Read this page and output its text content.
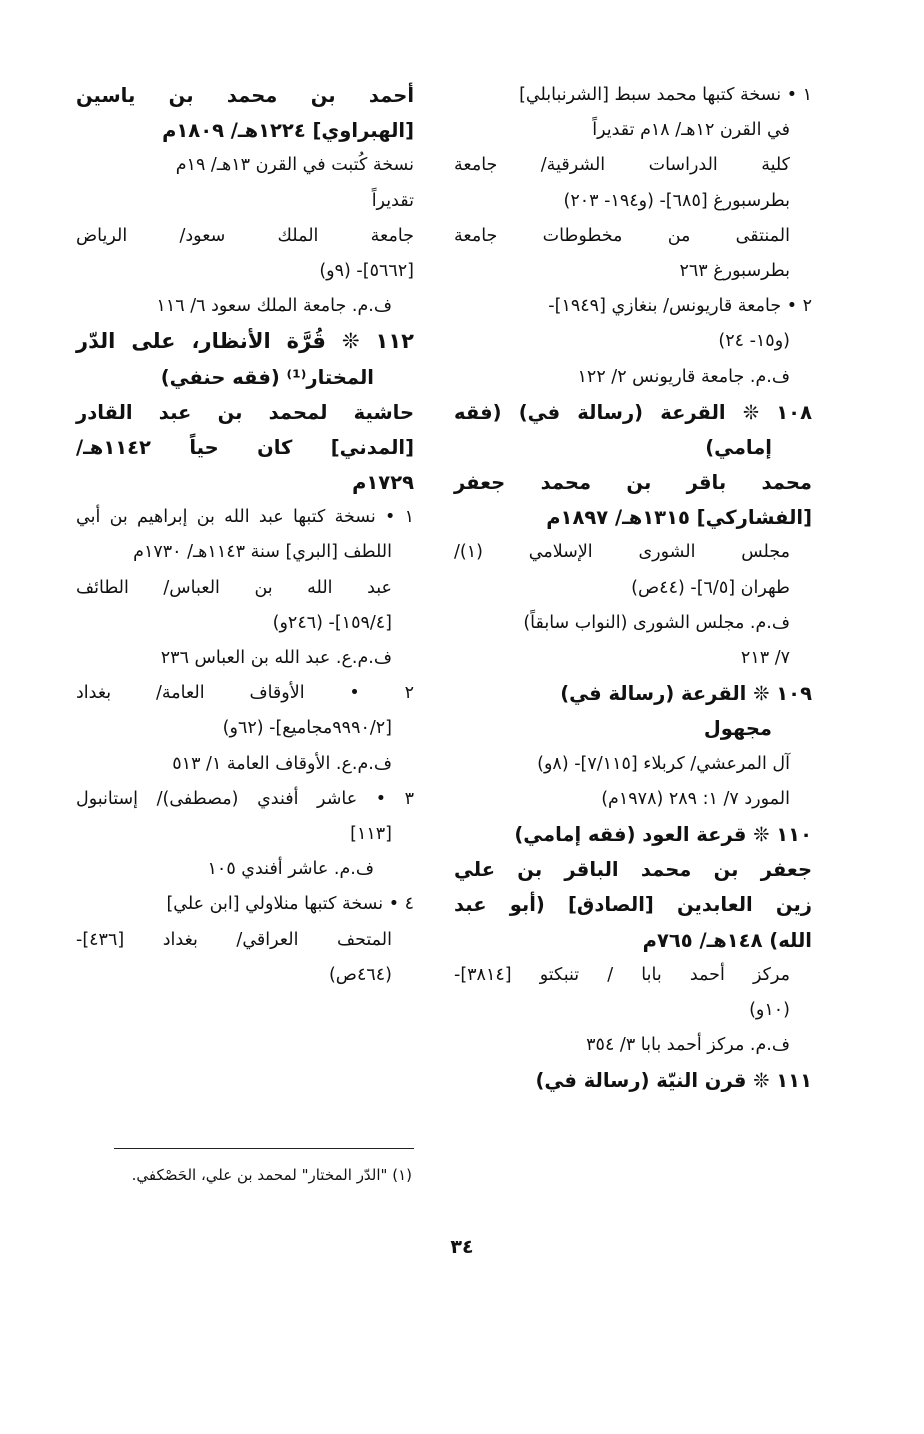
١ • نسخة كتبها محمد سبط [الشرنبابلي]
في القرن ١٢هـ/ ١٨م تقديراً
كلية الدراسات الشرقية/ جامعة
بطرسبورغ [٦٨٥]- (و١٩٤- ٢٠٣)
المنتقى من مخطوطات جامعة
بطرسبورغ ٢٦٣
٢ • جامعة قاريونس/ بنغازي [١٩٤٩]-
(و١٥- ٢٤)
ف.م. جامعة قاريونس ٢/ ١٢٢
١٠٨ ❊ القرعة (رسالة في) (فقه
إمامي)
محمد باقر بن محمد جعفر
[الفشاركي] ١٣١٥هـ/ ١٨٩٧م
مجلس الشورى الإسلامي (١)/
طهران [٦/٥]- (٤٤ص)
ف.م. مجلس الشورى (النواب سابقاً)
٧/ ٢١٣
١٠٩ ❊ القرعة (رسالة في)
مجهول
آل المرعشي/ كربلاء [٧/١١٥]- (٨و)
المورد ٧/ ١: ٢٨٩ (١٩٧٨م)
١١٠ ❊ قرعة العود (فقه إمامي)
جعفر بن محمد الباقر بن علي
زين العابدين [الصادق] (أبو عبد
الله) ١٤٨هـ/ ٧٦٥م
مركز أحمد بابا / تنبكتو [٣٨١٤]-
(١٠و)
ف.م. مركز أحمد بابا ٣/ ٣٥٤
١١١ ❊ قرن النيّة (رسالة في)
أحمد بن محمد بن ياسين
[الهبراوي] ١٢٢٤هـ/ ١٨٠٩م
نسخة كُتبت في القرن ١٣هـ/ ١٩م
تقديراً
جامعة الملك سعود/ الرياض
[٥٦٦٢]- (٩و)
ف.م. جامعة الملك سعود ٦/ ١١٦
١١٢ ❊ قُرَّة الأنظار، على الدّر
المختار⁽¹⁾ (فقه حنفي)
حاشية لمحمد بن عبد القادر
[المدني] كان حياً ١١٤٢هـ/
١٧٢٩م
١ • نسخة كتبها عبد الله بن إبراهيم بن أبي
اللطف [البري] سنة ١١٤٣هـ/ ١٧٣٠م
عبد الله بن العباس/ الطائف
[١٥٩/٤]- (٢٤٦و)
ف.م.ع. عبد الله بن العباس ٢٣٦
٢ • الأوقاف العامة/ بغداد
[٩٩٩٠/٢مجاميع]- (٦٢و)
ف.م.ع. الأوقاف العامة ١/ ٥١٣
٣ • عاشر أفندي (مصطفى)/ إستانبول
[١١٣]
ف.م. عاشر أفندي ١٠٥
٤ • نسخة كتبها منلاولي [ابن علي]
المتحف العراقي/ بغداد [٤٣٦]-
(٤٦٤ص)
(١) "الدّر المختار" لمحمد بن علي، الحَصْكفي.
٣٤
